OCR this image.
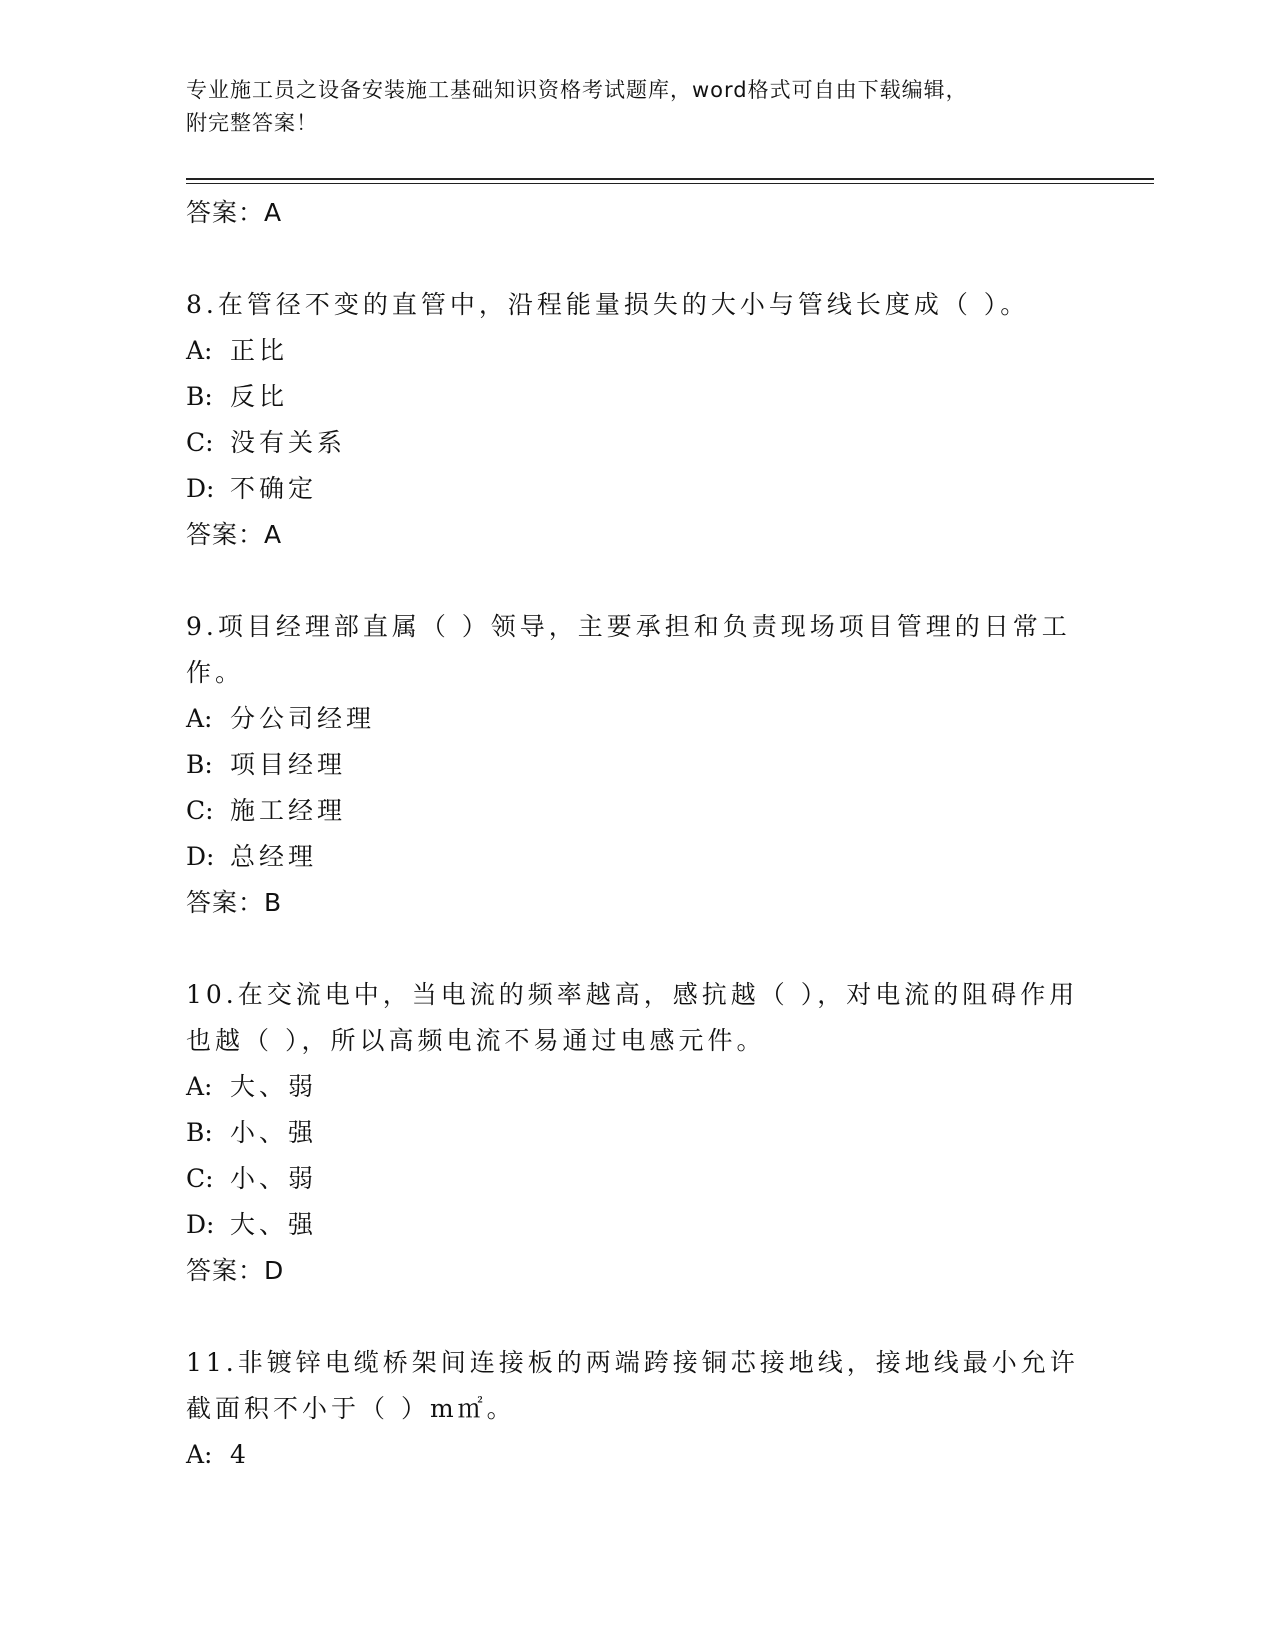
专业施工员之设备安装施工基础知识资格考试题库，word格式可自由下载编辑，
附完整答案！
答案：A
8.在管径不变的直管中，沿程能量损失的大小与管线长度成（ ）。
A: 正比
B: 反比
C: 没有关系
D: 不确定
答案：A
9.项目经理部直属（ ）领导，主要承担和负责现场项目管理的日常工作。
A: 分公司经理
B: 项目经理
C: 施工经理
D: 总经理
答案：B
10.在交流电中，当电流的频率越高，感抗越（ ），对电流的阻碍作用也越（ ），所以高频电流不易通过电感元件。
A: 大、弱
B: 小、强
C: 小、弱
D: 大、强
答案：D
11.非镀锌电缆桥架间连接板的两端跨接铜芯接地线，接地线最小允许截面积不小于（ ）m㎡。
A: 4
